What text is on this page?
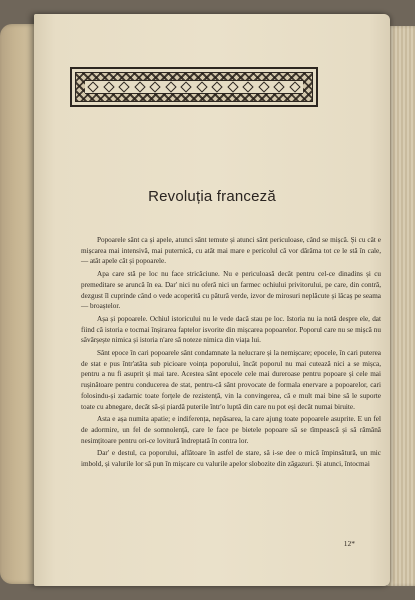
Revoluția franceză

Popoarele sânt ca și apele, atunci sânt temute și atunci sânt periculoase, când se mișcă. Și cu cât e mișcarea mai intensivă, mai puternică, cu atât mai mare e pericolul că vor dărâma tot ce le stă în cale, — atât apele cât și popoarele.

Apa care stă pe loc nu face stricăciune. Nu e periculoasă decât pentru cel-ce dinadins și cu premeditare se aruncă în ea. Dar' nici nu oferă nici un farmec ochiului privitorului, pe care, din contră, dezgust îl cuprinde când o vede acoperită cu pătură verde, izvor de mirosuri neplăcute și lăcaș pe seama — broaștelor.

Așa și popoarele. Ochiul istoricului nu le vede dacă stau pe loc. Istoria nu ia notă despre ele, dat fiind că istoria e tocmai înșirarea faptelor isvorite din mișcarea popoarelor. Poporul care nu se mișcă nu săvârșește nimica și istoria n'are să noteze nimica din viața lui.

Sânt epoce în cari popoarele sânt condamnate la nelucrare și la nemișcare; epocele, în cari puterea de stat e pus într'atâta sub picioare voința poporului, încât poporul nu mai cutează nici a se mișca, pentru a nu fi asuprit și mai tare. Acestea sânt epocele cele mai dureroase pentru popoare și cele mai rușinătoare pentru conducerea de stat, pentru-că sânt provocate de formala enervare a popoarelor, cari folosindu-și zadarnic toate forțele de rezistență, vin la convingerea, că e mult mai bine să le suporte toate cu abnegare, decât să-și piardă puterile într'o luptă din care nu pot eși decât numai biruite.

Asta e așa numita apatie; e indiferența, nepăsarea, la care ajung toate popoarele asuprite. E un fel de adormire, un fel de somnolență, care le face pe bietele popoare să se tîmpească și să rămână nesimțitoare pentru ori-ce lovitură îndreptată în contra lor.

Dar' e destul, ca poporului, aflătoare în astfel de stare, să i-se dee o mică împinsătură, un mic imbold, și valurile lor să pun în mișcare cu valurile apelor slobozite din zăgazuri. Și atunci, întocmai

12*
